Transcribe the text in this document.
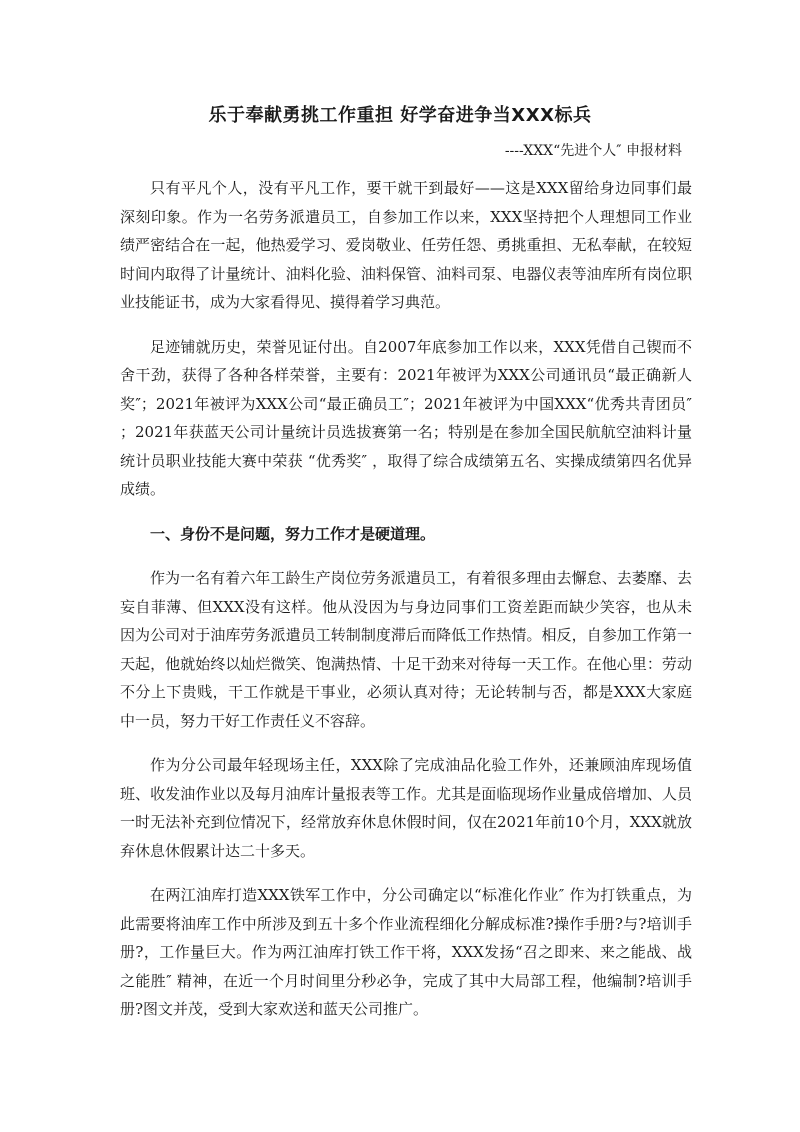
乐于奉献勇挑工作重担 好学奋进争当XXX标兵
----XXX“先进个人″ 申报材料

只有平凡个人，没有平凡工作，要干就干到最好——这是XXX留给身边同事们最深刻印象。作为一名劳务派遣员工，自参加工作以来，XXX坚持把个人理想同工作业绩严密结合在一起，他热爱学习、爱岗敬业、任劳任怨、勇挑重担、无私奉献，在较短时间内取得了计量统计、油料化验、油料保管、油料司泵、电器仪表等油库所有岗位职业技能证书，成为大家看得见、摸得着学习典范。

足迹铺就历史，荣誉见证付出。自2007年底参加工作以来，XXX凭借自己锲而不舍干劲，获得了各种各样荣誉，主要有：2021年被评为XXX公司通讯员“最正确新人奖″；2021年被评为XXX公司“最正确员工″；2021年被评为中国XXX“优秀共青团员″ ；2021年获蓝天公司计量统计员选拔赛第一名；特别是在参加全国民航航空油料计量统计员职业技能大赛中荣获 “优秀奖″ ，取得了综合成绩第五名、实操成绩第四名优异成绩。

一、身份不是问题，努力工作才是硬道理。

作为一名有着六年工龄生产岗位劳务派遣员工，有着很多理由去懈怠、去萎靡、去妄自菲薄、但XXX没有这样。他从没因为与身边同事们工资差距而缺少笑容，也从未因为公司对于油库劳务派遣员工转制制度滞后而降低工作热情。相反，自参加工作第一天起，他就始终以灿烂微笑、饱满热情、十足干劲来对待每一天工作。在他心里：劳动不分上下贵贱，干工作就是干事业，必须认真对待；无论转制与否，都是XXX大家庭中一员，努力干好工作责任义不容辞。

作为分公司最年轻现场主任，XXX除了完成油品化验工作外，还兼顾油库现场值班、收发油作业以及每月油库计量报表等工作。尤其是面临现场作业量成倍增加、人员一时无法补充到位情况下，经常放弃休息休假时间，仅在2021年前10个月，XXX就放弃休息休假累计达二十多天。

在两江油库打造XXX铁军工作中，分公司确定以“标准化作业″ 作为打铁重点，为此需要将油库工作中所涉及到五十多个作业流程细化分解成标准?操作手册?与?培训手册?，工作量巨大。作为两江油库打铁工作干将，XXX发扬“召之即来、来之能战、战之能胜″ 精神，在近一个月时间里分秒必争，完成了其中大局部工程，他编制?培训手册?图文并茂，受到大家欢送和蓝天公司推广。
